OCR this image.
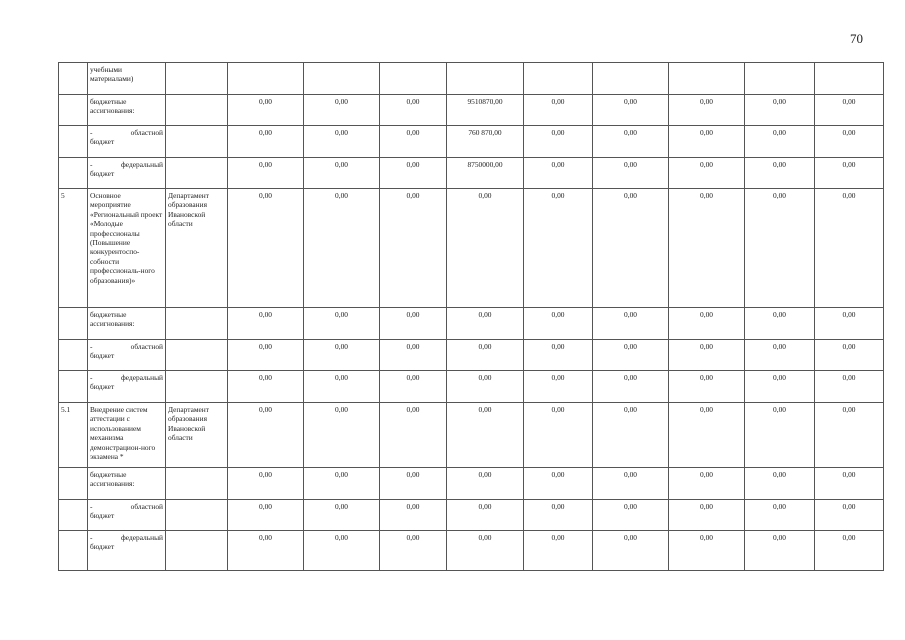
70
	учебными материалами)										
	бюджетные ассигнования:		0,00	0,00	0,00	9510870,00	0,00	0,00	0,00	0,00	0,00

	- областной
бюджет		0,00	0,00	0,00	760 870,00	0,00	0,00	0,00	0,00	0,00

	- федеральный
бюджет		0,00	0,00	0,00	8750000,00	0,00	0,00	0,00	0,00	0,00
5	Основное мероприятие «Региональный проект «Молодые профессионалы (Повышение конкурентоспо-собности профессиональ-ного образования)»	Департамент образования Ивановской области	0,00	0,00	0,00	0,00	0,00	0,00	0,00	0,00	0,00
	бюджетные ассигнования:		0,00	0,00	0,00	0,00	0,00	0,00	0,00	0,00	0,00

	- областной
бюджет		0,00	0,00	0,00	0,00	0,00	0,00	0,00	0,00	0,00

	- федеральный
бюджет		0,00	0,00	0,00	0,00	0,00	0,00	0,00	0,00	0,00
5.1	Внедрение систем аттестации с использованием механизма демонстрацион-ного экзамена *	Департамент образования Ивановской области	0,00	0,00	0,00	0,00	0,00	0,00	0,00	0,00	0,00
	бюджетные ассигнования:		0,00	0,00	0,00	0,00	0,00	0,00	0,00	0,00	0,00

	- областной
бюджет		0,00	0,00	0,00	0,00	0,00	0,00	0,00	0,00	0,00

	- федеральный
бюджет		0,00	0,00	0,00	0,00	0,00	0,00	0,00	0,00	0,00
